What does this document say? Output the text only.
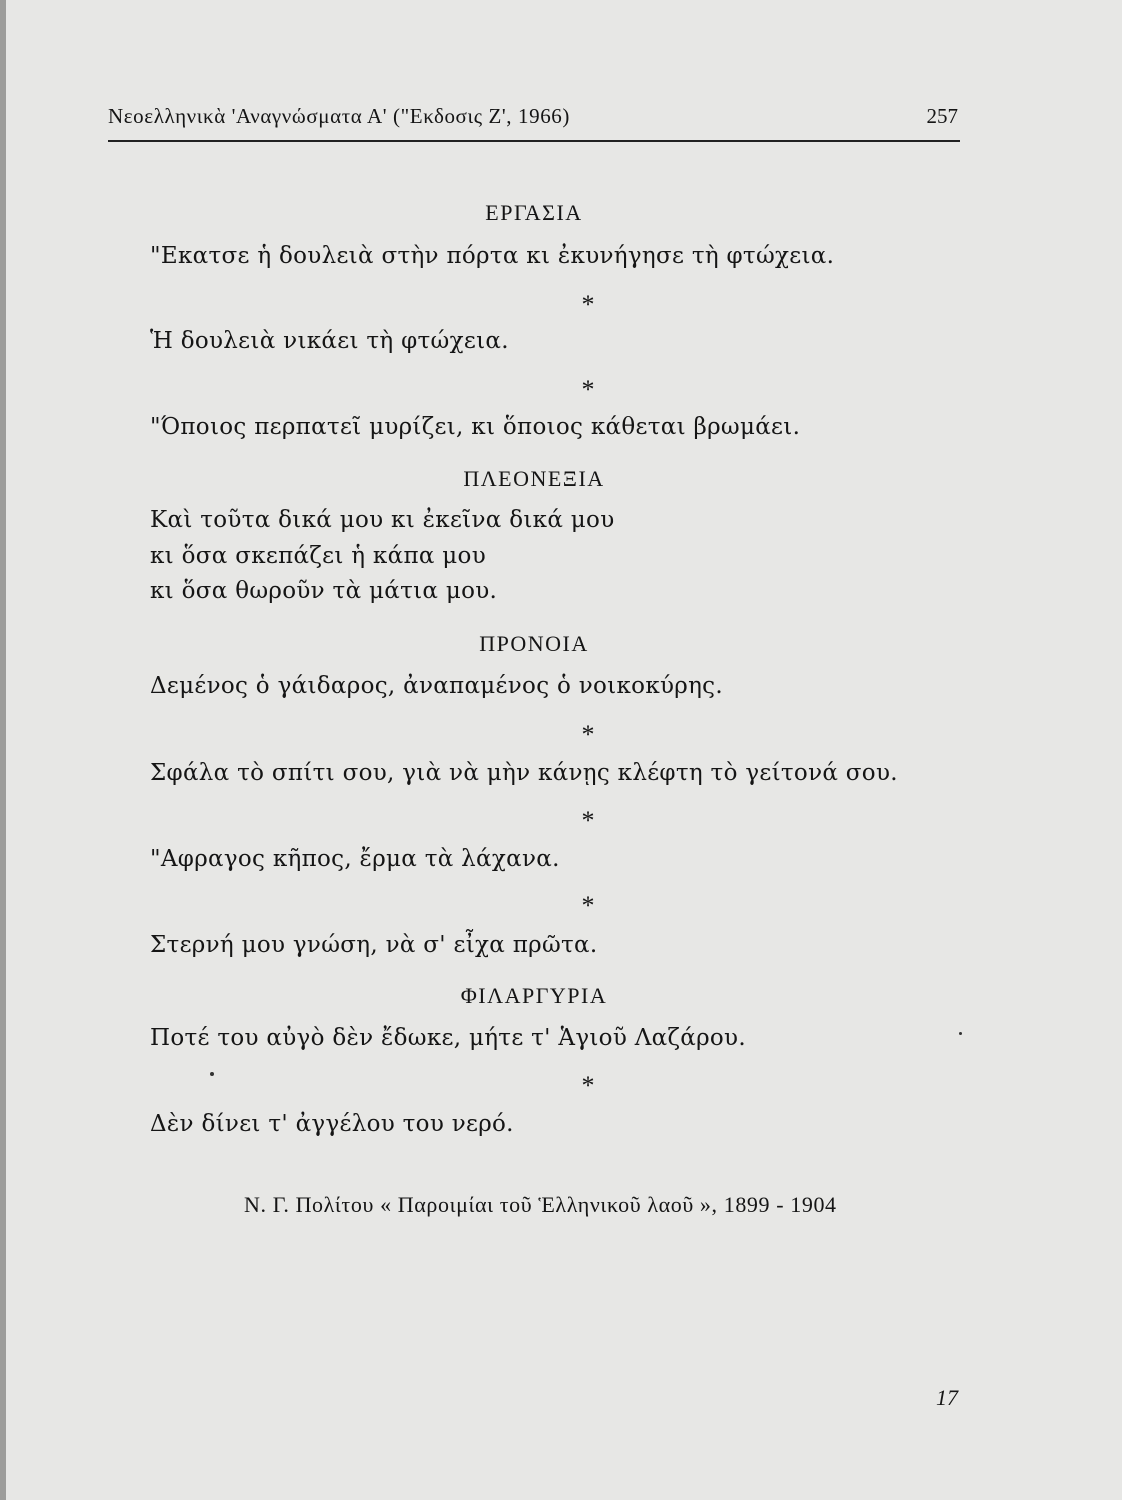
Νεοελληνικὰ 'Αναγνώσματα Α' ("Εκδοσις Ζ', 1966)	257
ΕΡΓΑΣΙΑ
"Εκατσε ἡ δουλειὰ στὴν πόρτα κι ἐκυνήγησε τὴ φτώχεια.
*
Ἡ δουλειὰ νικάει τὴ φτώχεια.
*
"Όποιος περπατεῖ μυρίζει, κι ὅποιος κάθεται βρωμάει.
ΠΛΕΟΝΕΞΙΑ
Καὶ τοῦτα δικά μου κι ἐκεῖνα δικά μου
κι ὅσα σκεπάζει ἡ κάπα μου
κι ὅσα θωροῦν τὰ μάτια μου.
ΠΡΟΝΟΙΑ
Δεμένος ὁ γάιδαρος, ἀναπαμένος ὁ νοικοκύρης.
*
Σφάλα τὸ σπίτι σου, γιὰ νὰ μὴν κάνῃς κλέφτη τὸ γείτονά σου.
*
"Αφραγος κῆπος, ἔρμα τὰ λάχανα.
*
Στερνή μου γνώση, νὰ σ' εἶχα πρῶτα.
ΦΙΛΑΡΓΥΡΙΑ
Ποτέ του αὐγὸ δὲν ἔδωκε, μήτε τ' Ἁγιοῦ Λαζάρου.
*
Δὲν δίνει τ' ἀγγέλου του νερό.
Ν. Γ. Πολίτου « Παροιμίαι τοῦ Ἑλληνικοῦ λαοῦ », 1899 - 1904
17
